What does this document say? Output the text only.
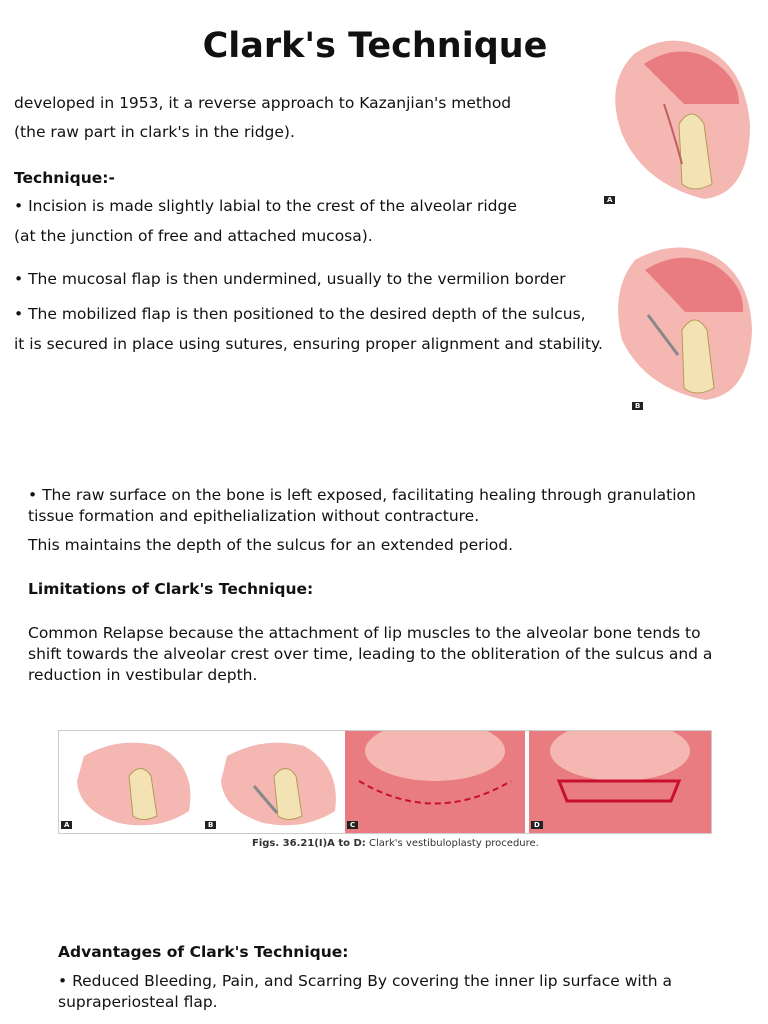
Clark's Technique
developed in 1953, it a reverse approach to Kazanjian's method
(the raw part in clark's in the ridge).
Technique:-
• Incision is made slightly labial to the crest of the alveolar ridge
(at the junction of free and attached mucosa).
• The mucosal flap is then undermined, usually to the vermilion border
• The mobilized flap is then positioned to the desired depth of the sulcus,
it is secured in place using sutures, ensuring proper alignment and stability.
A
B
• The raw surface on the bone is left exposed, facilitating healing through granulation tissue formation and epithelialization without contracture.
This maintains the depth of the sulcus for an extended period.
Limitations of Clark's Technique:
Common Relapse because the attachment of lip muscles to the alveolar bone tends to shift towards the alveolar crest over time, leading to the obliteration of the sulcus and a reduction in vestibular depth.
A	B	C	D
Figs. 36.21(I)A to D: Clark's vestibuloplasty procedure.
Advantages of Clark's Technique:
• Reduced Bleeding, Pain, and Scarring By covering the inner lip surface with a supraperiosteal flap.
